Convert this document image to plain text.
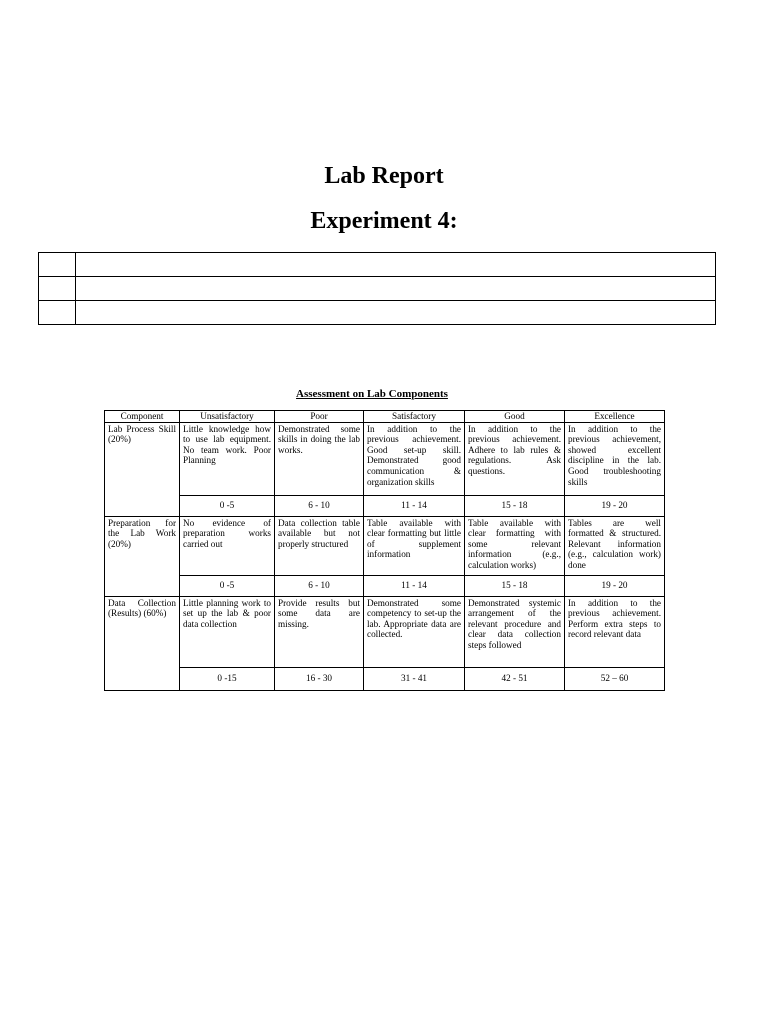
Lab Report
Experiment 4:

Assessment on Lab Components
Component	Unsatisfactory	Poor	Satisfactory	Good	Excellence
Lab Process Skill (20%)	Little knowledge how to use lab equipment. No team work. Poor Planning	Demonstrated some skills in doing the lab works.	In addition to the previous achievement. Good set-up skill. Demonstrated good communication & organization skills	In addition to the previous achievement. Adhere to lab rules & regulations. Ask questions.	In addition to the previous achievement, showed excellent discipline in the lab. Good troubleshooting skills
	0 -5	6 - 10	11 - 14	15 - 18	19 - 20
Preparation for the Lab Work (20%)	No evidence of preparation works carried out	Data collection table available but not properly structured	Table available with clear formatting but little of supplement information	Table available with clear formatting with some relevant information (e.g., calculation works)	Tables are well formatted & structured. Relevant information (e.g., calculation work) done
	0 -5	6 - 10	11 - 14	15 - 18	19 - 20
Data Collection (Results) (60%)	Little planning work to set up the lab & poor data collection	Provide results but some data are missing.	Demonstrated some competency to set-up the lab. Appropriate data are collected.	Demonstrated systemic arrangement of the relevant procedure and clear data collection steps followed	In addition to the previous achievement. Perform extra steps to record relevant data
	0 -15	16 - 30	31 - 41	42 - 51	52 – 60
